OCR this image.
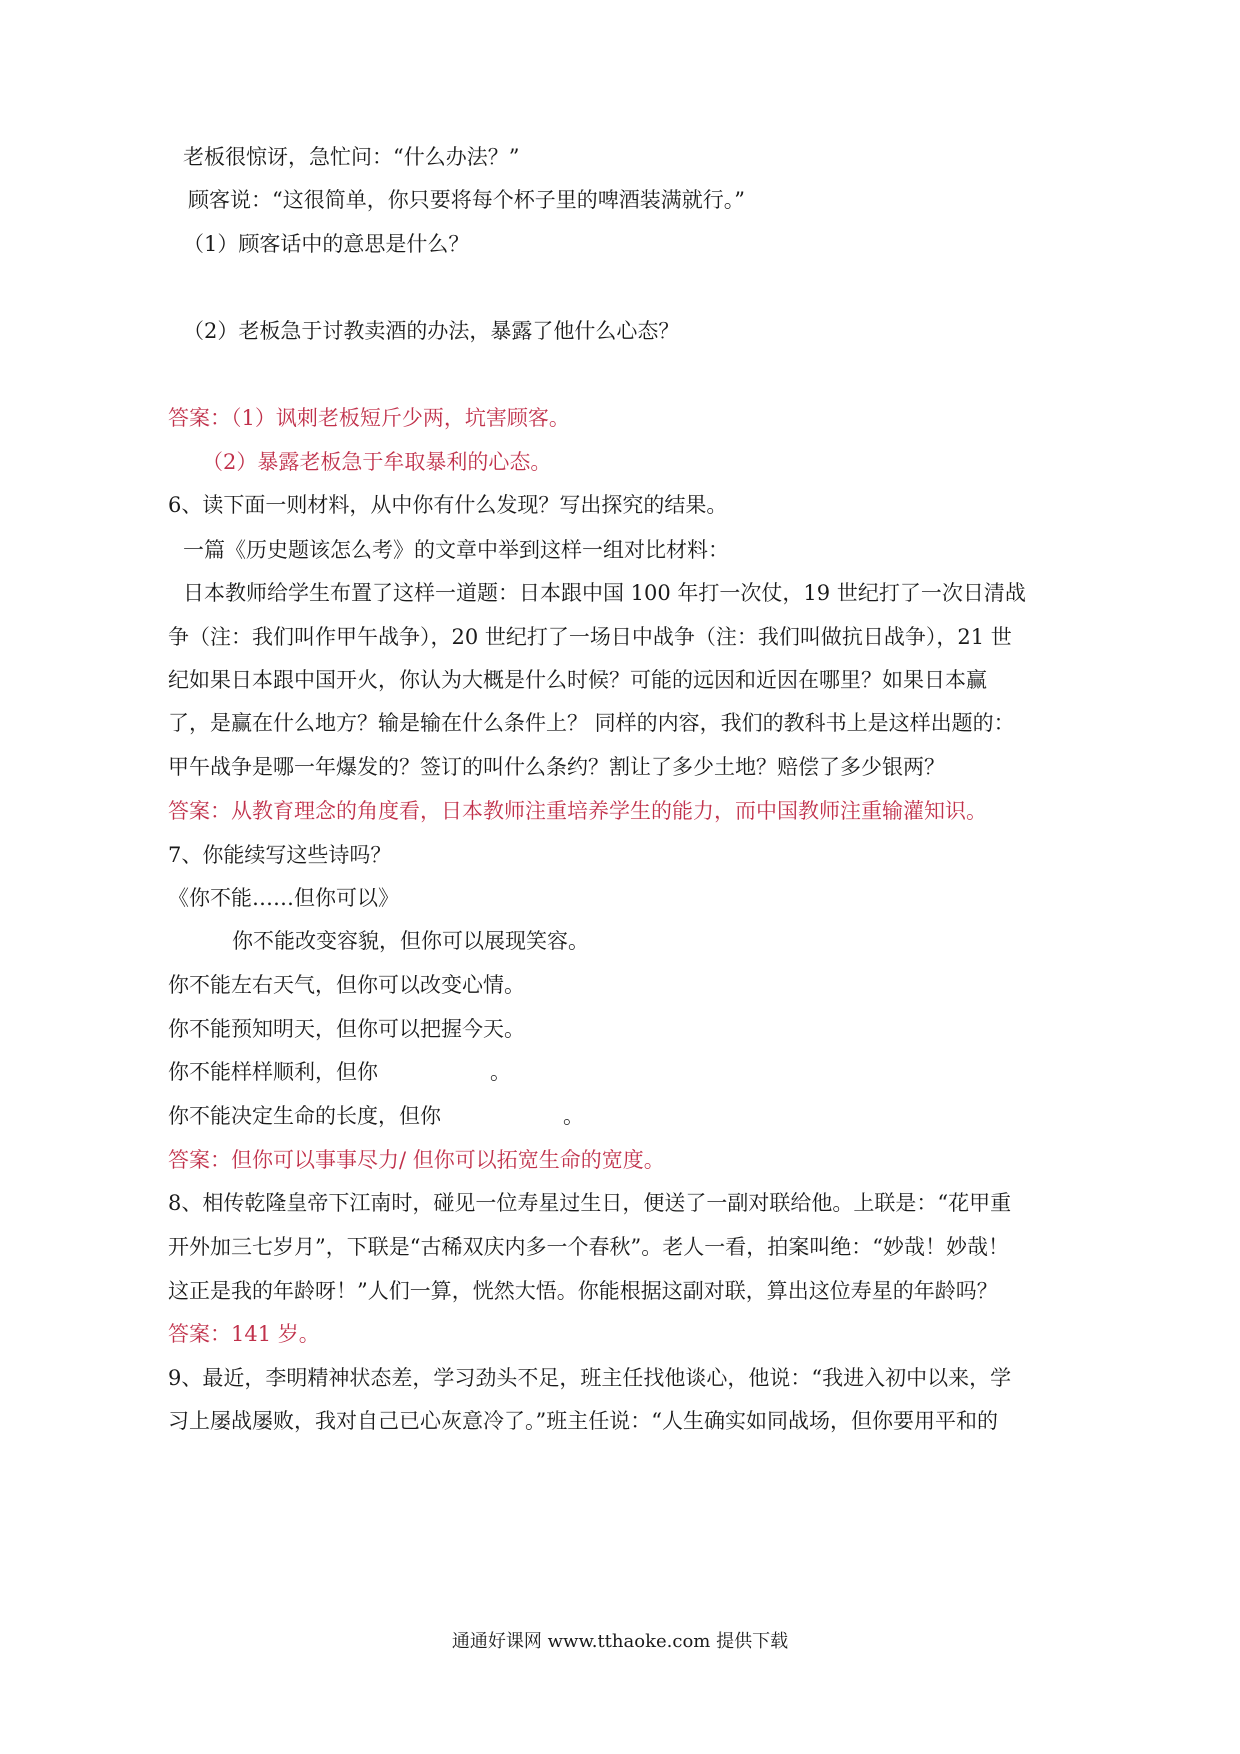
老板很惊讶，急忙问：“什么办法？”
顾客说：“这很简单，你只要将每个杯子里的啤酒装满就行。”
（1）顾客话中的意思是什么？
（2）老板急于讨教卖酒的办法，暴露了他什么心态？
答案：（1）讽刺老板短斤少两，坑害顾客。
（2）暴露老板急于牟取暴利的心态。
6、读下面一则材料，从中你有什么发现？写出探究的结果。
一篇《历史题该怎么考》的文章中举到这样一组对比材料：
日本教师给学生布置了这样一道题：日本跟中国 100 年打一次仗，19 世纪打了一次日清战
争（注：我们叫作甲午战争），20 世纪打了一场日中战争（注：我们叫做抗日战争），21 世
纪如果日本跟中国开火，你认为大概是什么时候？可能的远因和近因在哪里？如果日本赢
了，是赢在什么地方？输是输在什么条件上？ 同样的内容，我们的教科书上是这样出题的：
甲午战争是哪一年爆发的？签订的叫什么条约？割让了多少土地？赔偿了多少银两？
答案：从教育理念的角度看，日本教师注重培养学生的能力，而中国教师注重输灌知识。
7、你能续写这些诗吗？
《你不能……但你可以》
你不能改变容貌，但你可以展现笑容。
你不能左右天气，但你可以改变心情。
你不能预知明天，但你可以把握今天。
你不能样样顺利，但你	。
你不能决定生命的长度，但你	。
答案：但你可以事事尽力/ 但你可以拓宽生命的宽度。
8、相传乾隆皇帝下江南时，碰见一位寿星过生日，便送了一副对联给他。上联是：“花甲重
开外加三七岁月”，下联是“古稀双庆内多一个春秋”。老人一看，拍案叫绝：“妙哉！妙哉！
这正是我的年龄呀！”人们一算，恍然大悟。你能根据这副对联，算出这位寿星的年龄吗？
答案：141 岁。
9、最近，李明精神状态差，学习劲头不足，班主任找他谈心，他说：“我进入初中以来，学
习上屡战屡败，我对自己已心灰意冷了。”班主任说：“人生确实如同战场，但你要用平和的
通通好课网 www.tthaoke.com 提供下载
